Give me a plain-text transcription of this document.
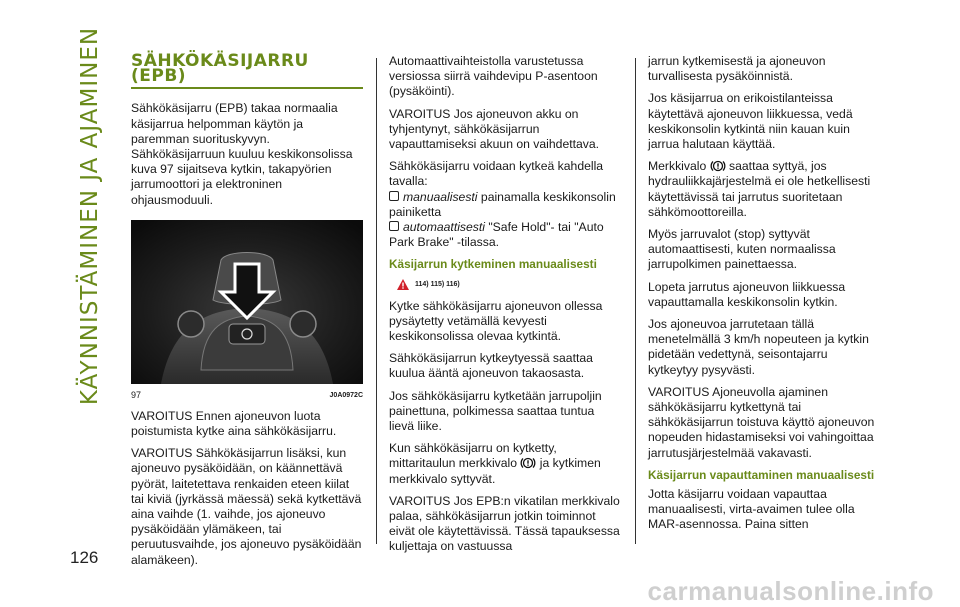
KÄYNNISTÄMINEN JA AJAMINEN
126
SÄHKÖKÄSIJARRU (EPB)

Sähkökäsijarru (EPB) takaa normaalia käsijarrua helpomman käytön ja paremman suorituskyvyn. Sähkökäsijarruun kuuluu keskikonsolissa kuva 97 sijaitseva kytkin, takapyörien jarrumoottori ja elektroninen ohjausmoduuli.

97	J0A0972C

VAROITUS Ennen ajoneuvon luota poistumista kytke aina sähkökäsijarru.

VAROITUS Sähkökäsijarrun lisäksi, kun ajoneuvo pysäköidään, on käännettävä pyörät, laitetettava renkaiden eteen kiilat tai kiviä (jyrkässä mäessä) sekä kytkettävä aina vaihde (1. vaihde, jos ajoneuvo pysäköidään ylämäkeen, tai peruutusvaihde, jos ajoneuvo pysäköidään alamäkeen).

Automaattivaihteistolla varustetussa versiossa siirrä vaihdevipu P-asentoon (pysäköinti).

VAROITUS Jos ajoneuvon akku on tyhjentynyt, sähkökäsijarrun vapauttamiseksi akuun on vaihdettava.

Sähkökäsijarru voidaan kytkeä kahdella tavalla:

manuaalisesti painamalla keskikonsolin painiketta
automaattisesti "Safe Hold"- tai "Auto Park Brake" -tilassa.
Käsijarrun kytkeminen manuaalisesti
114) 115) 116)

Kytke sähkökäsijarru ajoneuvon ollessa pysäytetty vetämällä kevyesti keskikonsolissa olevaa kytkintä.

Sähkökäsijarrun kytkeytyessä saattaa kuulua ääntä ajoneuvon takaosasta.

Jos sähkökäsijarru kytketään jarrupoljin painettuna, polkimessa saattaa tuntua lievä liike.

Kun sähkökäsijarru on kytketty,
mittaritaulun merkkivalo  ja kytkimen merkkivalo syttyvät.

VAROITUS Jos EPB:n vikatilan merkkivalo palaa, sähkökäsijarrun jotkin toiminnot eivät ole käytettävissä. Tässä tapauksessa kuljettaja on vastuussa

jarrun kytkemisestä ja ajoneuvon turvallisesta pysäköinnistä.

Jos käsijarrua on erikoistilanteissa käytettävä ajoneuvon liikkuessa, vedä keskikonsolin kytkintä niin kauan kuin jarrua halutaan käyttää.

Merkkivalo  saattaa syttyä, jos hydrauliikkajärjestelmä ei ole hetkellisesti käytettävissä tai jarrutus suoritetaan sähkömoottoreilla.

Myös jarruvalot (stop) syttyvät automaattisesti, kuten normaalissa jarrupolkimen painettaessa.

Lopeta jarrutus ajoneuvon liikkuessa vapauttamalla keskikonsolin kytkin.

Jos ajoneuvoa jarrutetaan tällä menetelmällä 3 km/h nopeuteen ja kytkin pidetään vedettynä, seisontajarru kytkeytyy pysyvästi.

VAROITUS Ajoneuvolla ajaminen sähkökäsijarru kytkettynä tai sähkökäsijarrun toistuva käyttö ajoneuvon nopeuden hidastamiseksi voi vahingoittaa jarrutusjärjestelmää vakavasti.

Käsijarrun vapauttaminen manuaalisesti

Jotta käsijarru voidaan vapauttaa manuaalisesti, virta-avaimen tulee olla MAR-asennossa. Paina sitten

carmanualsonline.info
